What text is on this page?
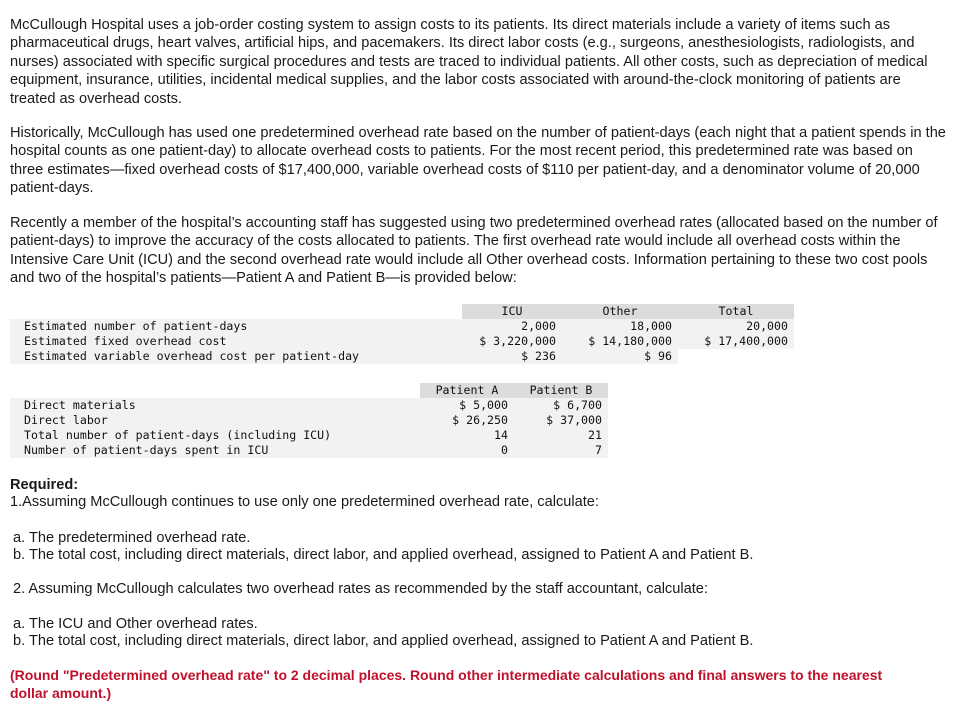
McCullough Hospital uses a job-order costing system to assign costs to its patients. Its direct materials include a variety of items such as pharmaceutical drugs, heart valves, artificial hips, and pacemakers. Its direct labor costs (e.g., surgeons, anesthesiologists, radiologists, and nurses) associated with specific surgical procedures and tests are traced to individual patients. All other costs, such as depreciation of medical equipment, insurance, utilities, incidental medical supplies, and the labor costs associated with around-the-clock monitoring of patients are treated as overhead costs.

Historically, McCullough has used one predetermined overhead rate based on the number of patient-days (each night that a patient spends in the hospital counts as one patient-day) to allocate overhead costs to patients. For the most recent period, this predetermined rate was based on three estimates—fixed overhead costs of $17,400,000, variable overhead costs of $110 per patient-day, and a denominator volume of 20,000 patient-days.

Recently a member of the hospital’s accounting staff has suggested using two predetermined overhead rates (allocated based on the number of patient-days) to improve the accuracy of the costs allocated to patients. The first overhead rate would include all overhead costs within the Intensive Care Unit (ICU) and the second overhead rate would include all Other overhead costs. Information pertaining to these two cost pools and two of the hospital’s patients—Patient A and Patient B—is provided below:

	ICU	Other	Total
Estimated number of patient-days	2,000	18,000	20,000
Estimated fixed overhead cost	$ 3,220,000	$ 14,180,000	$ 17,400,000
Estimated variable overhead cost per patient-day	$ 236	$ 96	
	Patient A	Patient B
Direct materials	$ 5,000	$ 6,700
Direct labor	$ 26,250	$ 37,000
Total number of patient-days (including ICU)	14	21
Number of patient-days spent in ICU	0	7
Required:
1.Assuming McCullough continues to use only one predetermined overhead rate, calculate:
a. The predetermined overhead rate.
b. The total cost, including direct materials, direct labor, and applied overhead, assigned to Patient A and Patient B.
2. Assuming McCullough calculates two overhead rates as recommended by the staff accountant, calculate:
a. The ICU and Other overhead rates.
b. The total cost, including direct materials, direct labor, and applied overhead, assigned to Patient A and Patient B.
(Round "Predetermined overhead rate" to 2 decimal places. Round other intermediate calculations and final answers to the nearest dollar amount.)
